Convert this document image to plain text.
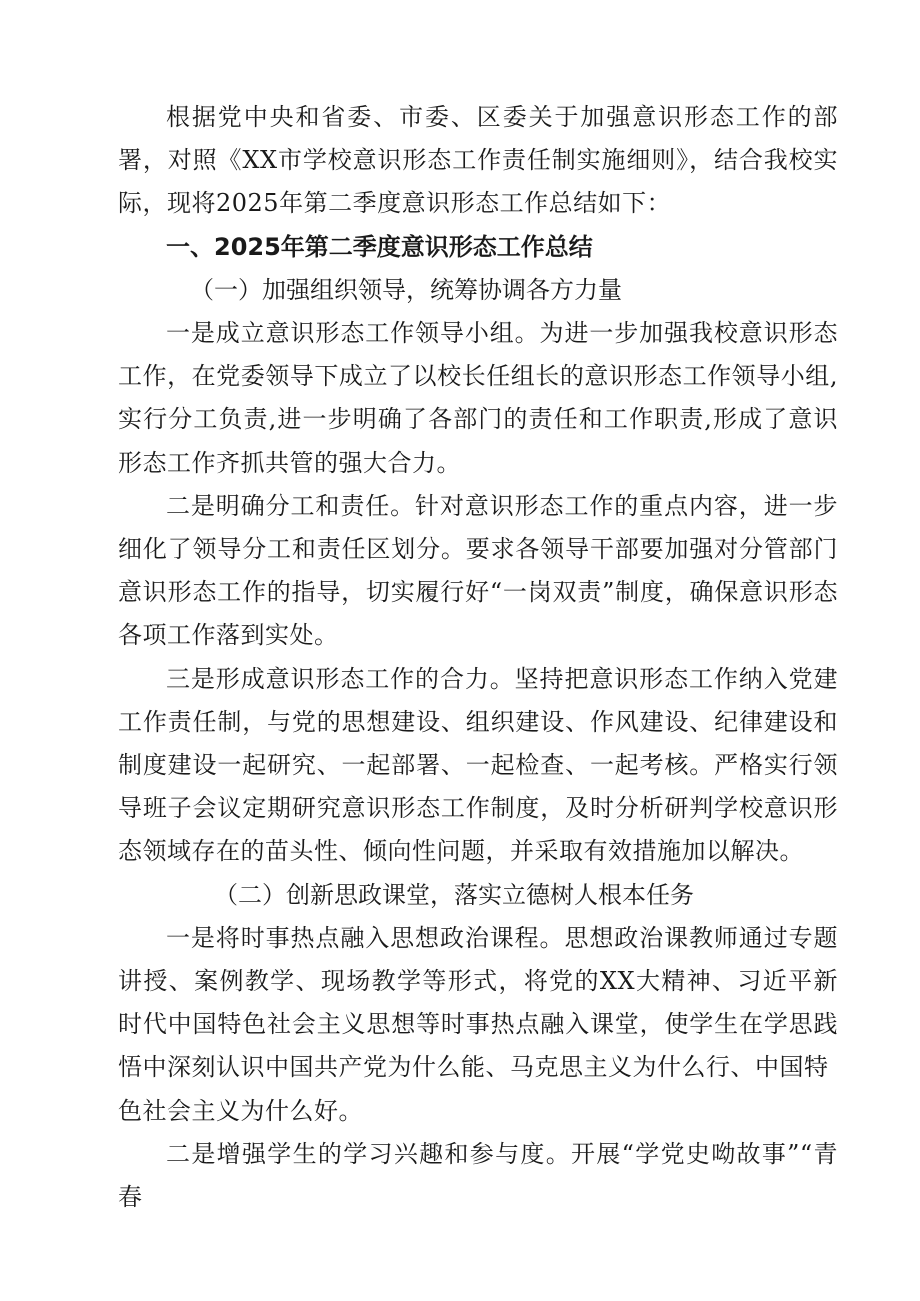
根据党中央和省委、市委、区委关于加强意识形态工作的部署，对照《XX市学校意识形态工作责任制实施细则》，结合我校实际，现将2025年第二季度意识形态工作总结如下：

一、2025年第二季度意识形态工作总结

（一）加强组织领导，统筹协调各方力量

一是成立意识形态工作领导小组。为进一步加强我校意识形态工作，在党委领导下成立了以校长任组长的意识形态工作领导小组,实行分工负责,进一步明确了各部门的责任和工作职责,形成了意识形态工作齐抓共管的强大合力。

二是明确分工和责任。针对意识形态工作的重点内容，进一步细化了领导分工和责任区划分。要求各领导干部要加强对分管部门意识形态工作的指导，切实履行好“一岗双责”制度，确保意识形态各项工作落到实处。

三是形成意识形态工作的合力。坚持把意识形态工作纳入党建工作责任制，与党的思想建设、组织建设、作风建设、纪律建设和制度建设一起研究、一起部署、一起检查、一起考核。严格实行领导班子会议定期研究意识形态工作制度，及时分析研判学校意识形态领域存在的苗头性、倾向性问题，并采取有效措施加以解决。

（二）创新思政课堂，落实立德树人根本任务

一是将时事热点融入思想政治课程。思想政治课教师通过专题讲授、案例教学、现场教学等形式，将党的XX大精神、习近平新时代中国特色社会主义思想等时事热点融入课堂，使学生在学思践悟中深刻认识中国共产党为什么能、马克思主义为什么行、中国特

色社会主义为什么好。

二是增强学生的学习兴趣和参与度。开展“学党史呦故事”“青春
